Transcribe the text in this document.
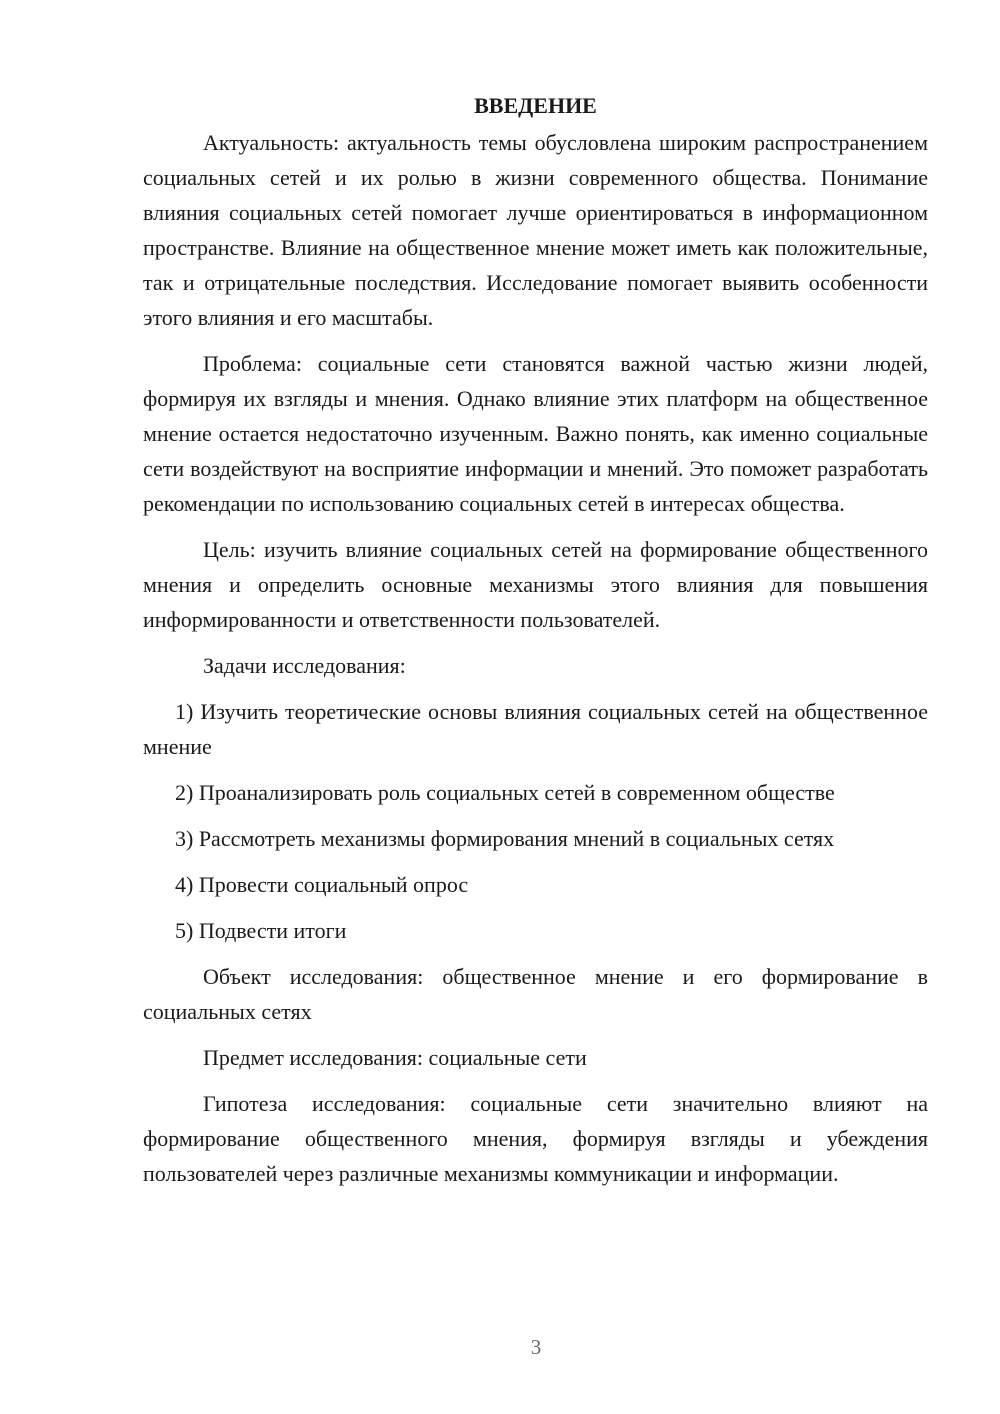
ВВЕДЕНИЕ

Актуальность: актуальность темы обусловлена широким распространением социальных сетей и их ролью в жизни современного общества. Понимание влияния социальных сетей помогает лучше ориентироваться в информационном пространстве. Влияние на общественное мнение может иметь как положительные, так и отрицательные последствия. Исследование помогает выявить особенности этого влияния и его масштабы.

Проблема: социальные сети становятся важной частью жизни людей, формируя их взгляды и мнения. Однако влияние этих платформ на общественное мнение остается недостаточно изученным. Важно понять, как именно социальные сети воздействуют на восприятие информации и мнений. Это поможет разработать рекомендации по использованию социальных сетей в интересах общества.

Цель: изучить влияние социальных сетей на формирование общественного мнения и определить основные механизмы этого влияния для повышения информированности и ответственности пользователей.

Задачи исследования:

1) Изучить теоретические основы влияния социальных сетей на общественное мнение

2) Проанализировать роль социальных сетей в современном обществе

3) Рассмотреть механизмы формирования мнений в социальных сетях

4) Провести социальный опрос

5) Подвести итоги

Объект исследования: общественное мнение и его формирование в социальных сетях

Предмет исследования: социальные сети

Гипотеза исследования: социальные сети значительно влияют на формирование общественного мнения, формируя взгляды и убеждения пользователей через различные механизмы коммуникации и информации.

3
